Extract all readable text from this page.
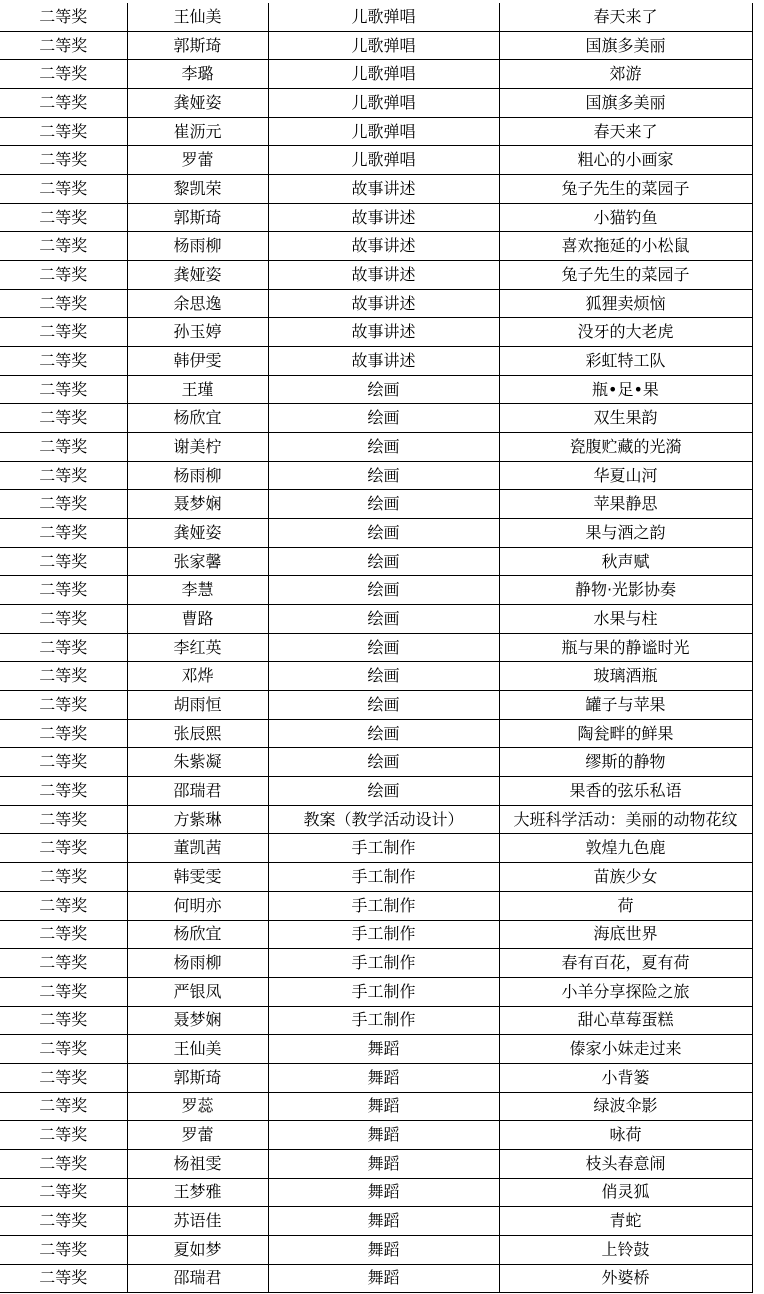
二等奖	王仙美	儿歌弹唱	春天来了
二等奖	郭斯琦	儿歌弹唱	国旗多美丽
二等奖	李璐	儿歌弹唱	郊游
二等奖	龚娅姿	儿歌弹唱	国旗多美丽
二等奖	崔沥元	儿歌弹唱	春天来了
二等奖	罗蕾	儿歌弹唱	粗心的小画家
二等奖	黎凯荣	故事讲述	兔子先生的菜园子
二等奖	郭斯琦	故事讲述	小猫钓鱼
二等奖	杨雨柳	故事讲述	喜欢拖延的小松鼠
二等奖	龚娅姿	故事讲述	兔子先生的菜园子
二等奖	余思逸	故事讲述	狐狸卖烦恼
二等奖	孙玉婷	故事讲述	没牙的大老虎
二等奖	韩伊雯	故事讲述	彩虹特工队
二等奖	王瑾	绘画	瓶•足•果
二等奖	杨欣宜	绘画	双生果韵
二等奖	谢美柠	绘画	瓷腹贮藏的光漪
二等奖	杨雨柳	绘画	华夏山河
二等奖	聂梦娴	绘画	苹果静思
二等奖	龚娅姿	绘画	果与酒之韵
二等奖	张家馨	绘画	秋声赋
二等奖	李慧	绘画	静物·光影协奏
二等奖	曹路	绘画	水果与柱
二等奖	李红英	绘画	瓶与果的静谧时光
二等奖	邓烨	绘画	玻璃酒瓶
二等奖	胡雨恒	绘画	罐子与苹果
二等奖	张辰熙	绘画	陶瓮畔的鲜果
二等奖	朱紫凝	绘画	缪斯的静物
二等奖	邵瑞君	绘画	果香的弦乐私语
二等奖	方紫琳	教案（教学活动设计）	大班科学活动：美丽的动物花纹
二等奖	董凯茜	手工制作	敦煌九色鹿
二等奖	韩雯雯	手工制作	苗族少女
二等奖	何明亦	手工制作	荷
二等奖	杨欣宜	手工制作	海底世界
二等奖	杨雨柳	手工制作	春有百花，夏有荷
二等奖	严银凤	手工制作	小羊分享探险之旅
二等奖	聂梦娴	手工制作	甜心草莓蛋糕
二等奖	王仙美	舞蹈	傣家小妹走过来
二等奖	郭斯琦	舞蹈	小背篓
二等奖	罗蕊	舞蹈	绿波伞影
二等奖	罗蕾	舞蹈	咏荷
二等奖	杨祖雯	舞蹈	枝头春意闹
二等奖	王梦雅	舞蹈	俏灵狐
二等奖	苏语佳	舞蹈	青蛇
二等奖	夏如梦	舞蹈	上铃鼓
二等奖	邵瑞君	舞蹈	外婆桥
